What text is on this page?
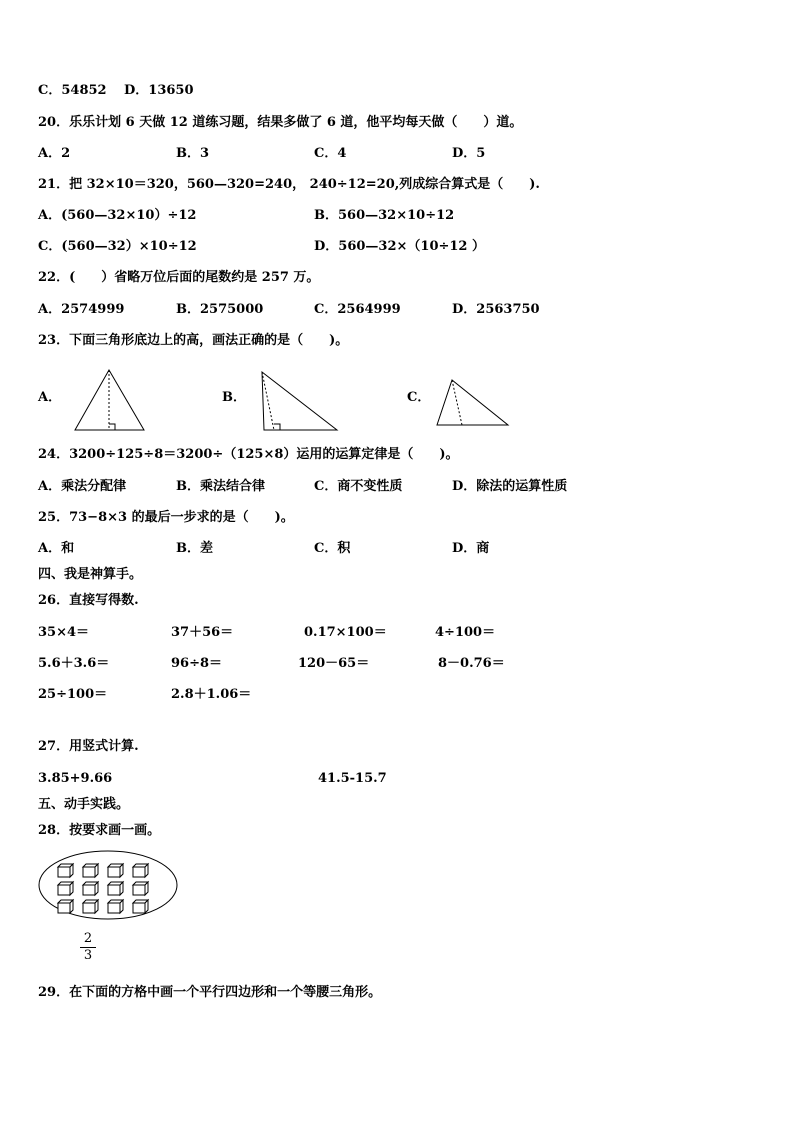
C．54852 D．13650
20．乐乐计划 6 天做 12 道练习题，结果多做了 6 道，他平均每天做（　　）道。
A．2	B．3	C．4	D．5
21．把 32×10＝320，560—320=240， 240÷12=20,列成综合算式是（　　).
A．(560—32×10）÷12	B．560—32×10÷12
C．(560—32）×10÷12	D．560—32×（10÷12 ）
22．(　　）省略万位后面的尾数约是 257 万。
A．2574999	B．2575000	C．2564999	D．2563750
23．下面三角形底边上的高，画法正确的是（　　)。
A．	B．	C．
24．3200÷125÷8＝3200÷（125×8）运用的运算定律是（　　)。
A．乘法分配律	B．乘法结合律	C．商不变性质	D．除法的运算性质
25．73−8×3 的最后一步求的是（　　)。
A．和	B．差	C．积	D．商
四、我是神算手。
26．直接写得数.
35×4＝	37＋56＝	0.17×100＝	4÷100＝
5.6＋3.6＝	96÷8＝	120－65＝	8－0.76＝
25÷100＝	2.8＋1.06＝
27．用竖式计算.
3.85+9.66	41.5-15.7
五、动手实践。
28．按要求画一画。
2
3
29．在下面的方格中画一个平行四边形和一个等腰三角形。
